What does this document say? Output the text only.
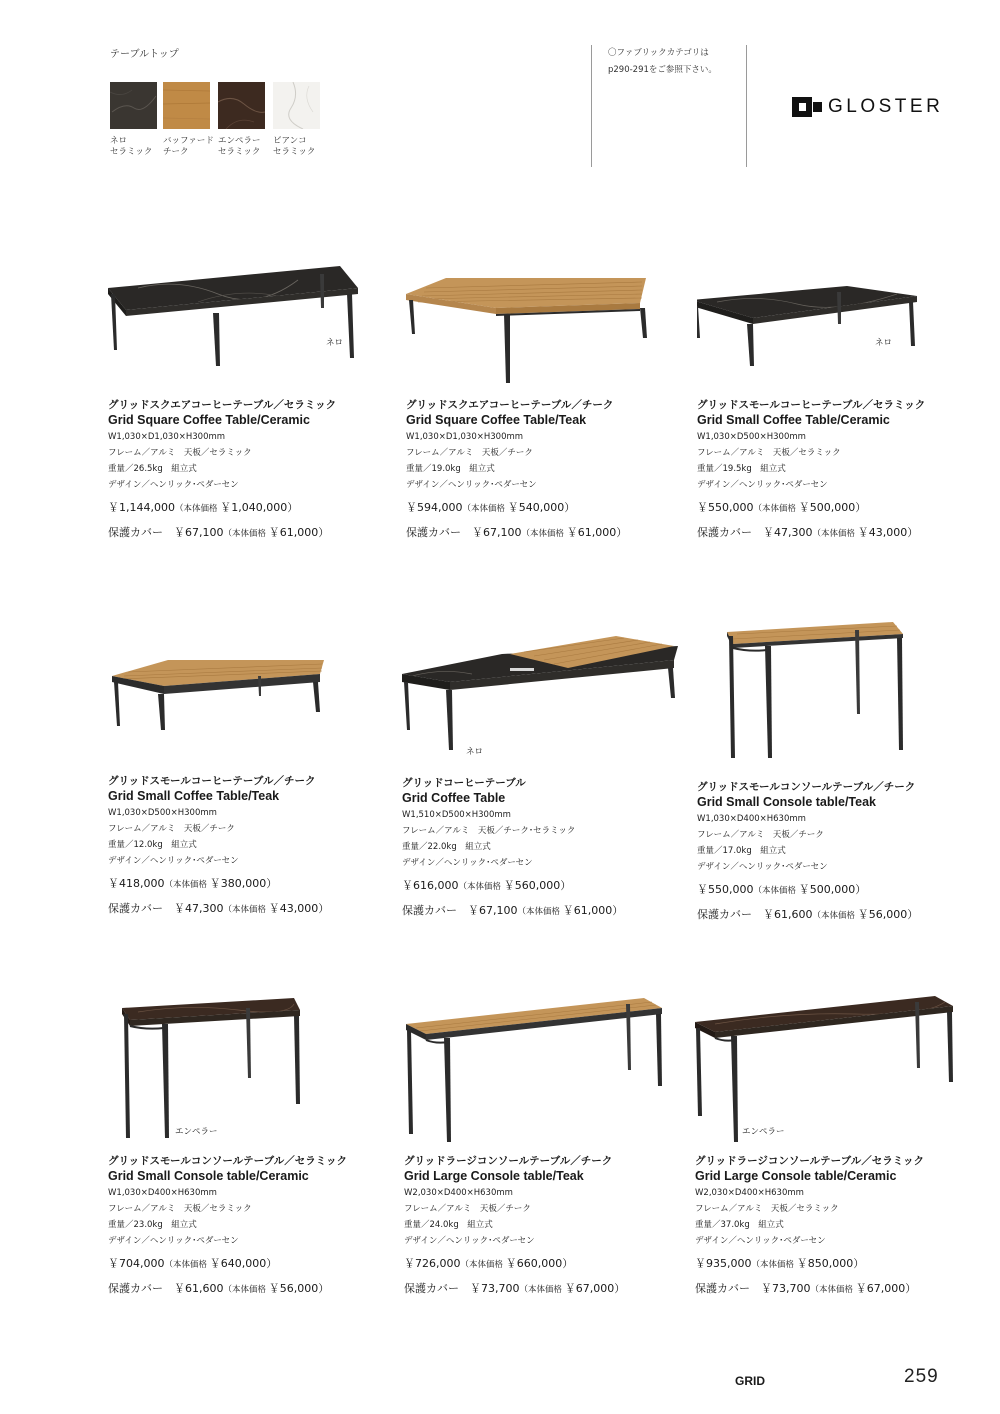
テーブルトップ
ネロ
セラミック
バッファード
チーク
エンペラー
セラミック
ビアンコ
セラミック
〇ファブリックカテゴリは
p290-291をご参照下さい。
GLOSTER
ネロ
グリッドスクエアコーヒーテーブル／セラミック
Grid Square Coffee Table/Ceramic
W1,030×D1,030×H300mm
フレーム／アルミ　天板／セラミック
重量／26.5kg　組立式
デザイン／ヘンリック･ペダーセン
￥1,144,000（本体価格 ￥1,040,000）
保護カバー　 ￥67,100（本体価格 ￥61,000）
グリッドスクエアコーヒーテーブル／チーク
Grid Square Coffee Table/Teak
W1,030×D1,030×H300mm
フレーム／アルミ　天板／チーク
重量／19.0kg　組立式
デザイン／ヘンリック･ペダーセン
￥594,000（本体価格 ￥540,000）
保護カバー　 ￥67,100（本体価格 ￥61,000）
ネロ
グリッドスモールコーヒーテーブル／セラミック
Grid Small Coffee Table/Ceramic
W1,030×D500×H300mm
フレーム／アルミ　天板／セラミック
重量／19.5kg　組立式
デザイン／ヘンリック･ペダーセン
￥550,000（本体価格 ￥500,000）
保護カバー　 ￥47,300（本体価格 ￥43,000）
グリッドスモールコーヒーテーブル／チーク
Grid Small Coffee Table/Teak
W1,030×D500×H300mm
フレーム／アルミ　天板／チーク
重量／12.0kg　組立式
デザイン／ヘンリック･ペダーセン
￥418,000（本体価格 ￥380,000）
保護カバー　 ￥47,300（本体価格 ￥43,000）
ネロ
グリッドコーヒーテーブル
Grid Coffee Table
W1,510×D500×H300mm
フレーム／アルミ　天板／チーク･セラミック
重量／22.0kg　組立式
デザイン／ヘンリック･ペダーセン
￥616,000（本体価格 ￥560,000）
保護カバー　 ￥67,100（本体価格 ￥61,000）
グリッドスモールコンソールテーブル／チーク
Grid Small Console table/Teak
W1,030×D400×H630mm
フレーム／アルミ　天板／チーク
重量／17.0kg　組立式
デザイン／ヘンリック･ペダーセン
￥550,000（本体価格 ￥500,000）
保護カバー　 ￥61,600（本体価格 ￥56,000）
エンペラー
グリッドスモールコンソールテーブル／セラミック
Grid Small Console table/Ceramic
W1,030×D400×H630mm
フレーム／アルミ　天板／セラミック
重量／23.0kg　組立式
デザイン／ヘンリック･ペダーセン
￥704,000（本体価格 ￥640,000）
保護カバー　 ￥61,600（本体価格 ￥56,000）
グリッドラージコンソールテーブル／チーク
Grid Large Console table/Teak
W2,030×D400×H630mm
フレーム／アルミ　天板／チーク
重量／24.0kg　組立式
デザイン／ヘンリック･ペダーセン
￥726,000（本体価格 ￥660,000）
保護カバー　 ￥73,700（本体価格 ￥67,000）
エンペラー
グリッドラージコンソールテーブル／セラミック
Grid Large Console table/Ceramic
W2,030×D400×H630mm
フレーム／アルミ　天板／セラミック
重量／37.0kg　組立式
デザイン／ヘンリック･ペダーセン
￥935,000（本体価格 ￥850,000）
保護カバー　 ￥73,700（本体価格 ￥67,000）
GRID	259
